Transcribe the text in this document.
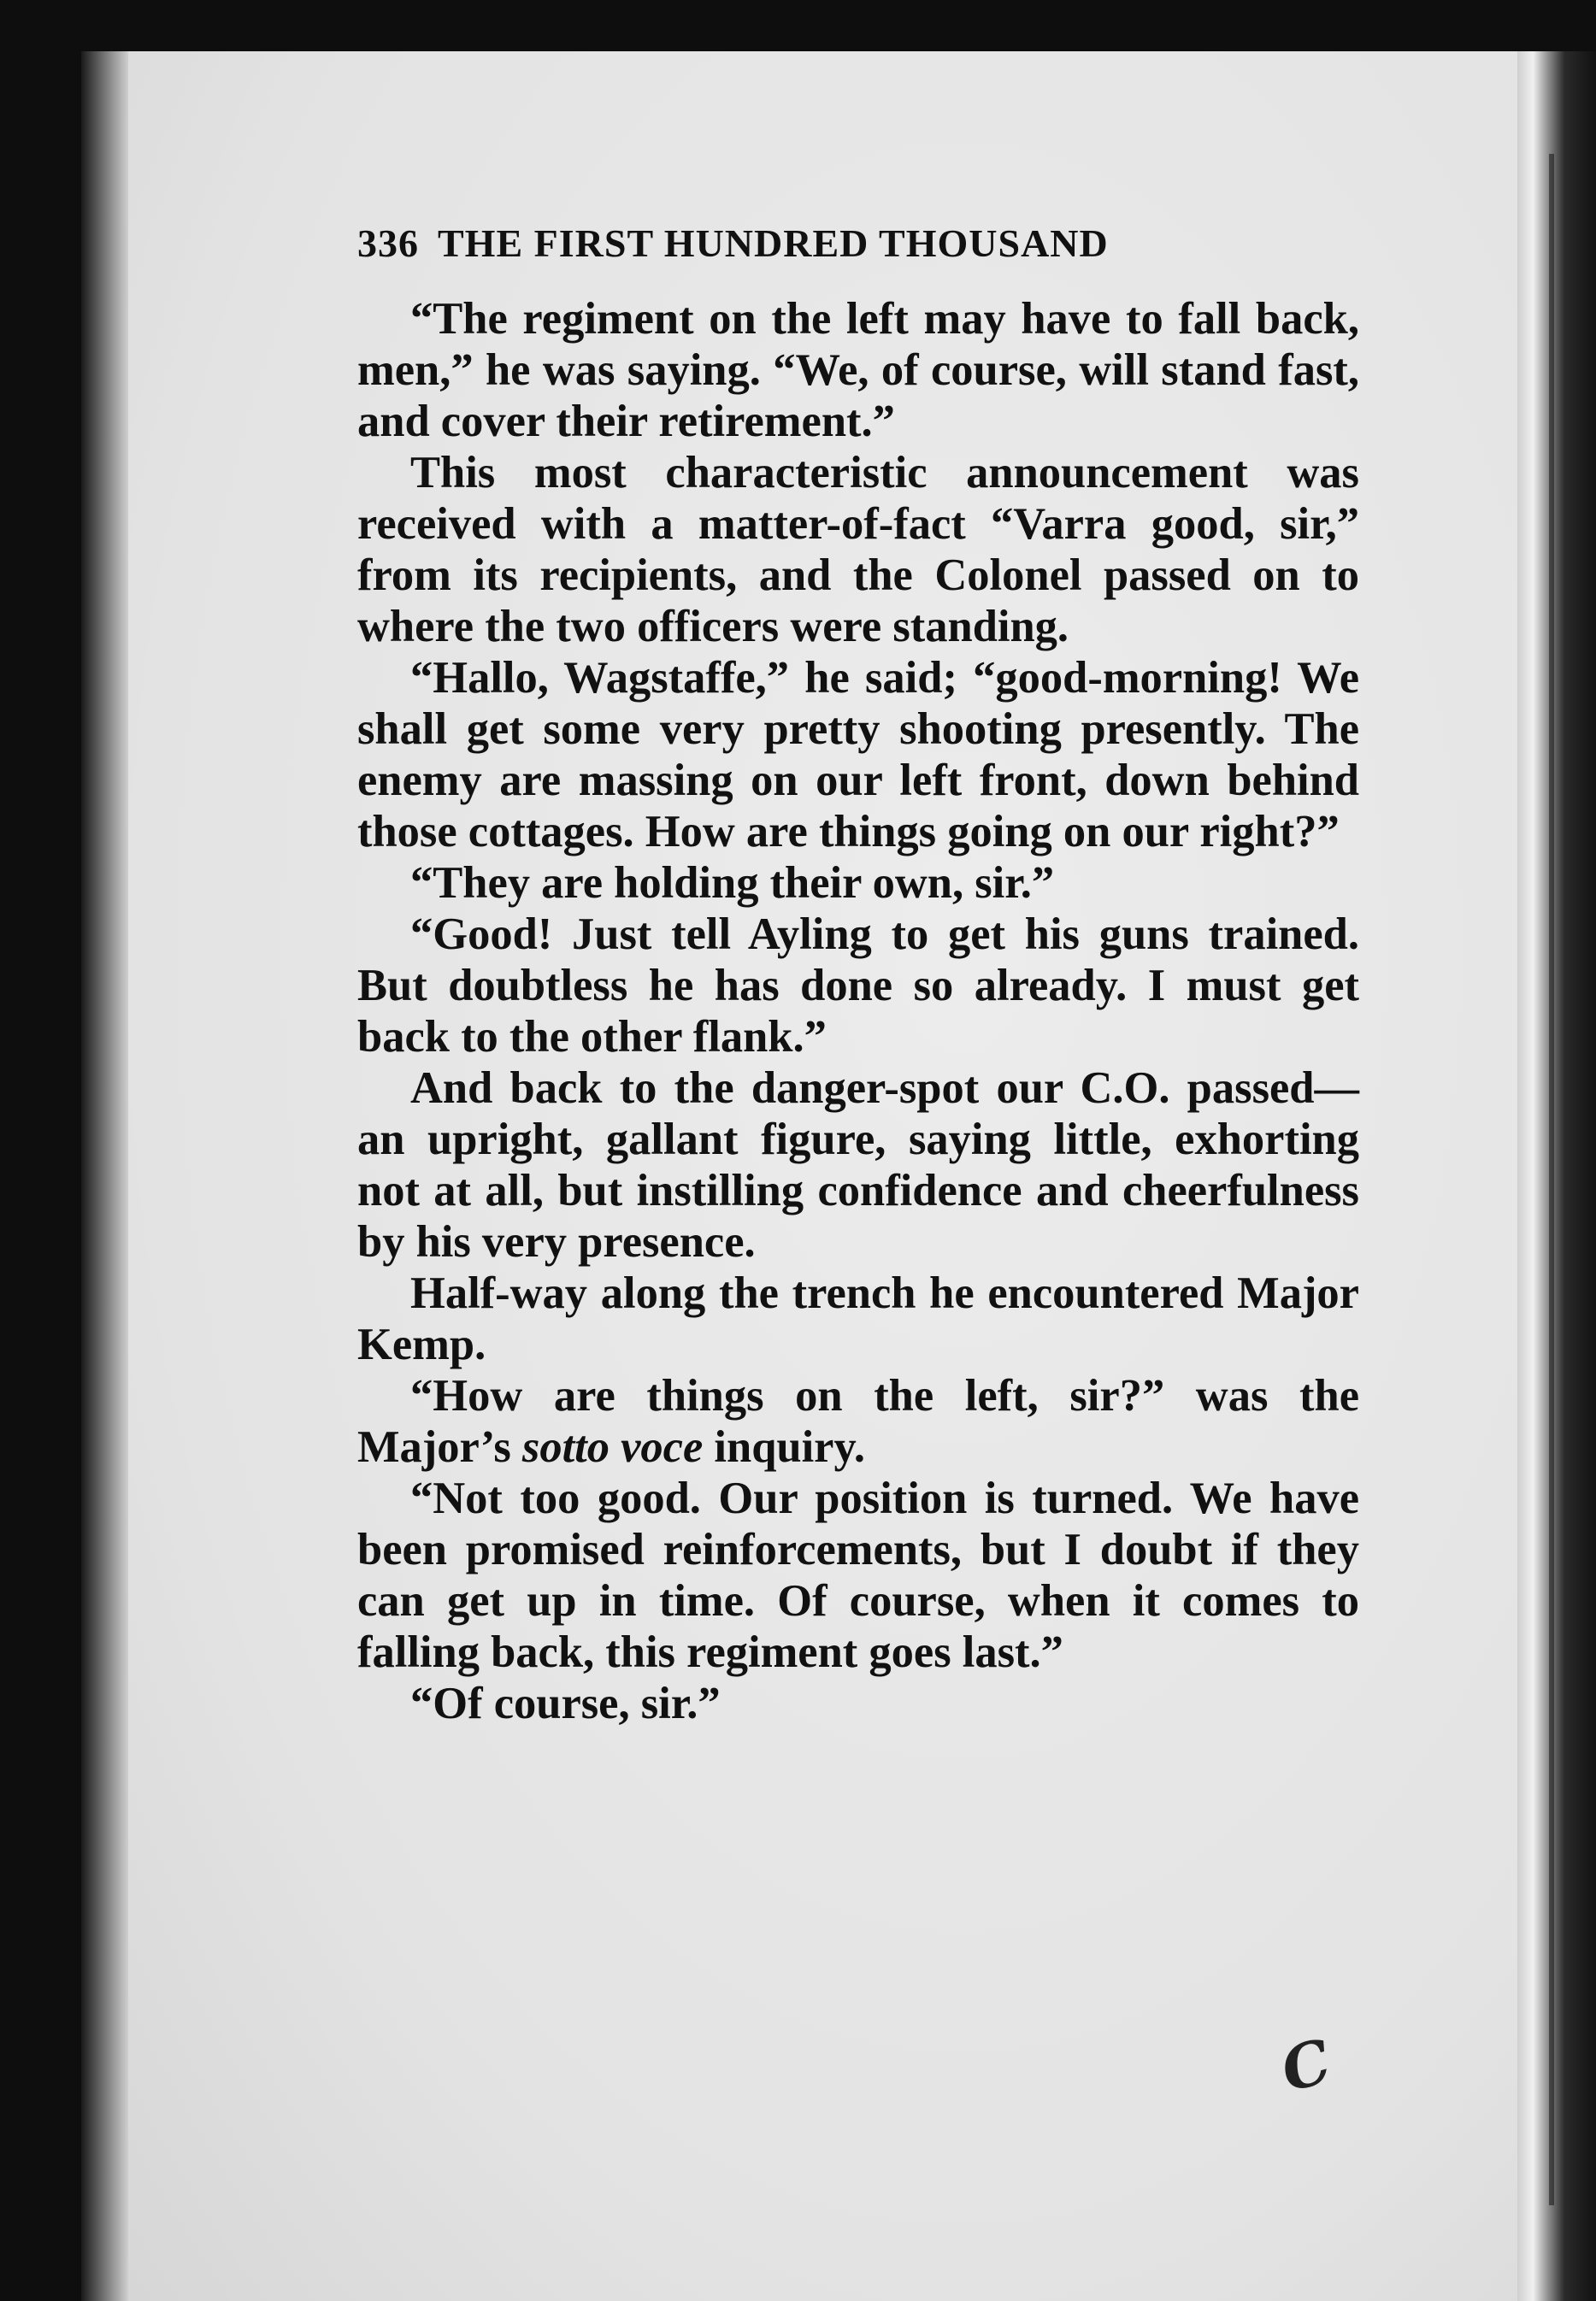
336 THE FIRST HUNDRED THOUSAND

“The regiment on the left may have to fall back, men,” he was saying. “We, of course, will stand fast, and cover their retirement.”

This most characteristic announcement was received with a matter-of-fact “Varra good, sir,” from its recipients, and the Colonel passed on to where the two officers were standing.

“Hallo, Wagstaffe,” he said; “good-morning! We shall get some very pretty shooting presently. The enemy are massing on our left front, down behind those cottages. How are things going on our right?”

“They are holding their own, sir.”

“Good! Just tell Ayling to get his guns trained. But doubtless he has done so already. I must get back to the other flank.”

And back to the danger-spot our C.O. passed—an upright, gallant figure, saying little, exhorting not at all, but instilling confidence and cheerfulness by his very presence.

Half-way along the trench he encountered Major Kemp.

“How are things on the left, sir?” was the Major’s sotto voce inquiry.

“Not too good. Our position is turned. We have been promised reinforcements, but I doubt if they can get up in time. Of course, when it comes to falling back, this regiment goes last.”

“Of course, sir.”

C
